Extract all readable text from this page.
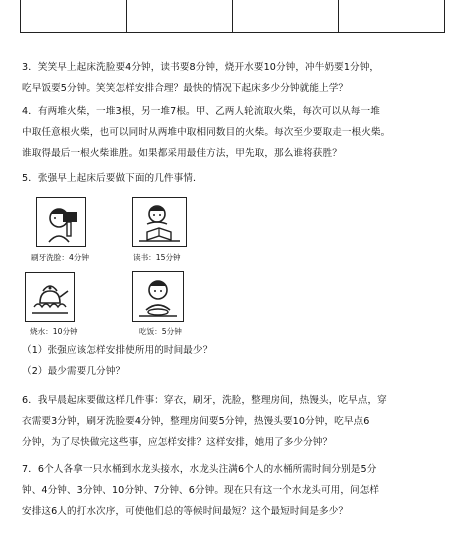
3．笑笑早上起床洗脸要4分钟，读书要8分钟，烧开水要10分钟，冲牛奶要1分钟，
吃早饭要5分钟。笑笑怎样安排合理？最快的情况下起床多少分钟就能上学？
4．有两堆火柴，一堆3根，另一堆7根。甲、乙两人轮流取火柴，每次可以从每一堆
中取任意根火柴，也可以同时从两堆中取相同数目的火柴。每次至少要取走一根火柴。
谁取得最后一根火柴谁胜。如果都采用最佳方法，甲先取，那么谁将获胜？
5．张强早上起床后要做下面的几件事情．
刷牙洗脸：4分钟	读书：15分钟
烧水：10分钟	吃饭：5分钟
（1）张强应该怎样安排使所用的时间最少？
（2）最少需要几分钟？
6．我早晨起床要做这样几件事：穿衣，刷牙，洗脸，整理房间，热馒头，吃早点，穿
衣需要3分钟，刷牙洗脸要4分钟，整理房间要5分钟，热馒头要10分钟，吃早点6
分钟，为了尽快做完这些事，应怎样安排？这样安排，她用了多少分钟？
7．6个人各拿一只水桶到水龙头接水，水龙头注满6个人的水桶所需时间分别是5分
钟、4分钟、3分钟、10分钟、7分钟、6分钟。现在只有这一个水龙头可用，问怎样
安排这6人的打水次序，可使他们总的等候时间最短？这个最短时间是多少？
